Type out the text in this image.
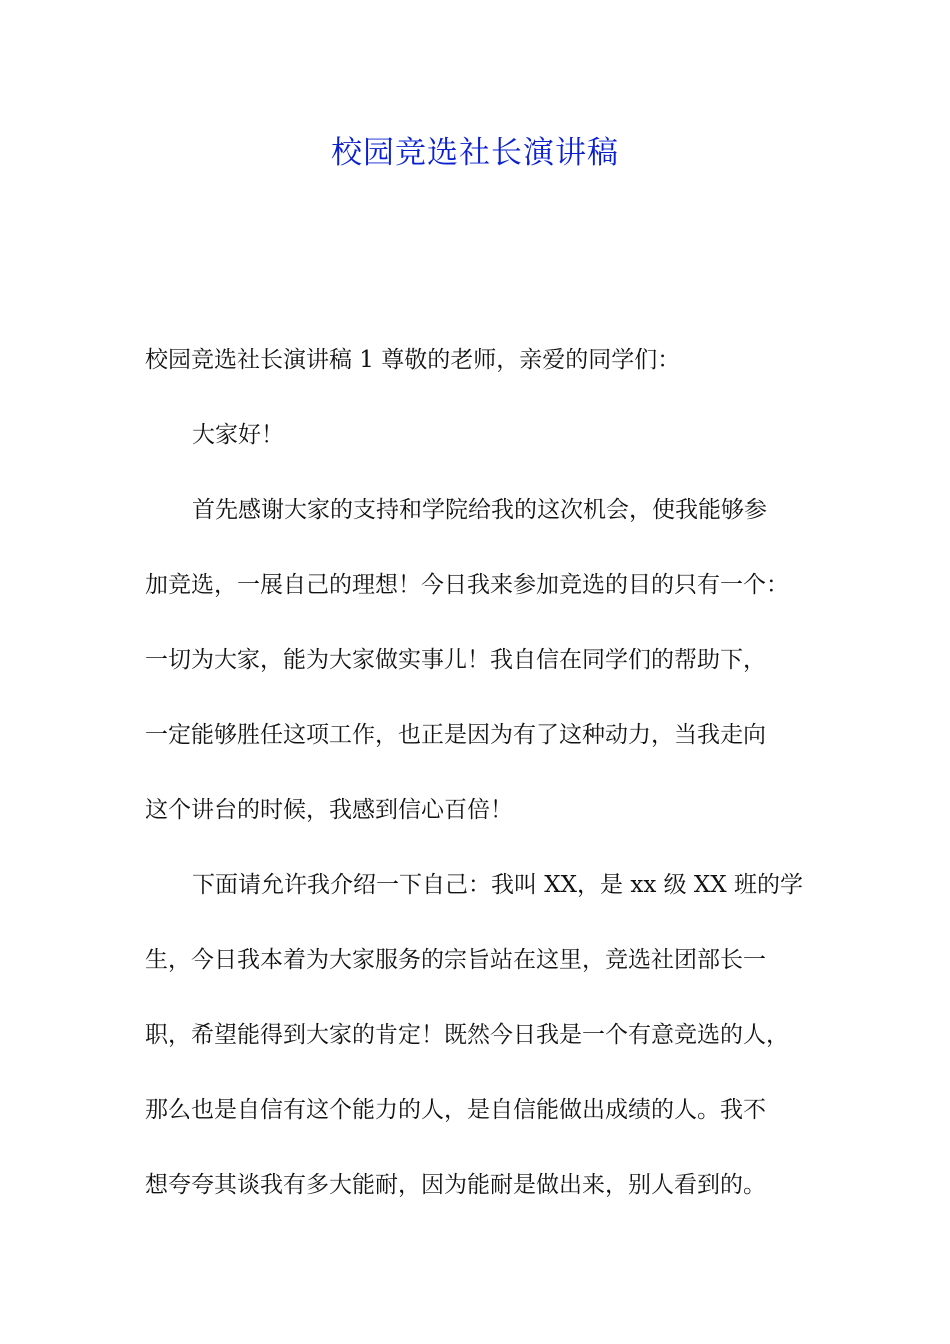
校园竞选社长演讲稿
校园竞选社长演讲稿 1 尊敬的老师，亲爱的同学们：
大家好！
首先感谢大家的支持和学院给我的这次机会，使我能够参
加竞选，一展自己的理想！今日我来参加竞选的目的只有一个：
一切为大家，能为大家做实事儿！我自信在同学们的帮助下，
一定能够胜任这项工作，也正是因为有了这种动力，当我走向
这个讲台的时候，我感到信心百倍！
下面请允许我介绍一下自己：我叫 XX，是 xx 级 XX 班的学
生，今日我本着为大家服务的宗旨站在这里，竞选社团部长一
职，希望能得到大家的肯定！既然今日我是一个有意竞选的人，
那么也是自信有这个能力的人，是自信能做出成绩的人。我不
想夸夸其谈我有多大能耐，因为能耐是做出来，别人看到的。
